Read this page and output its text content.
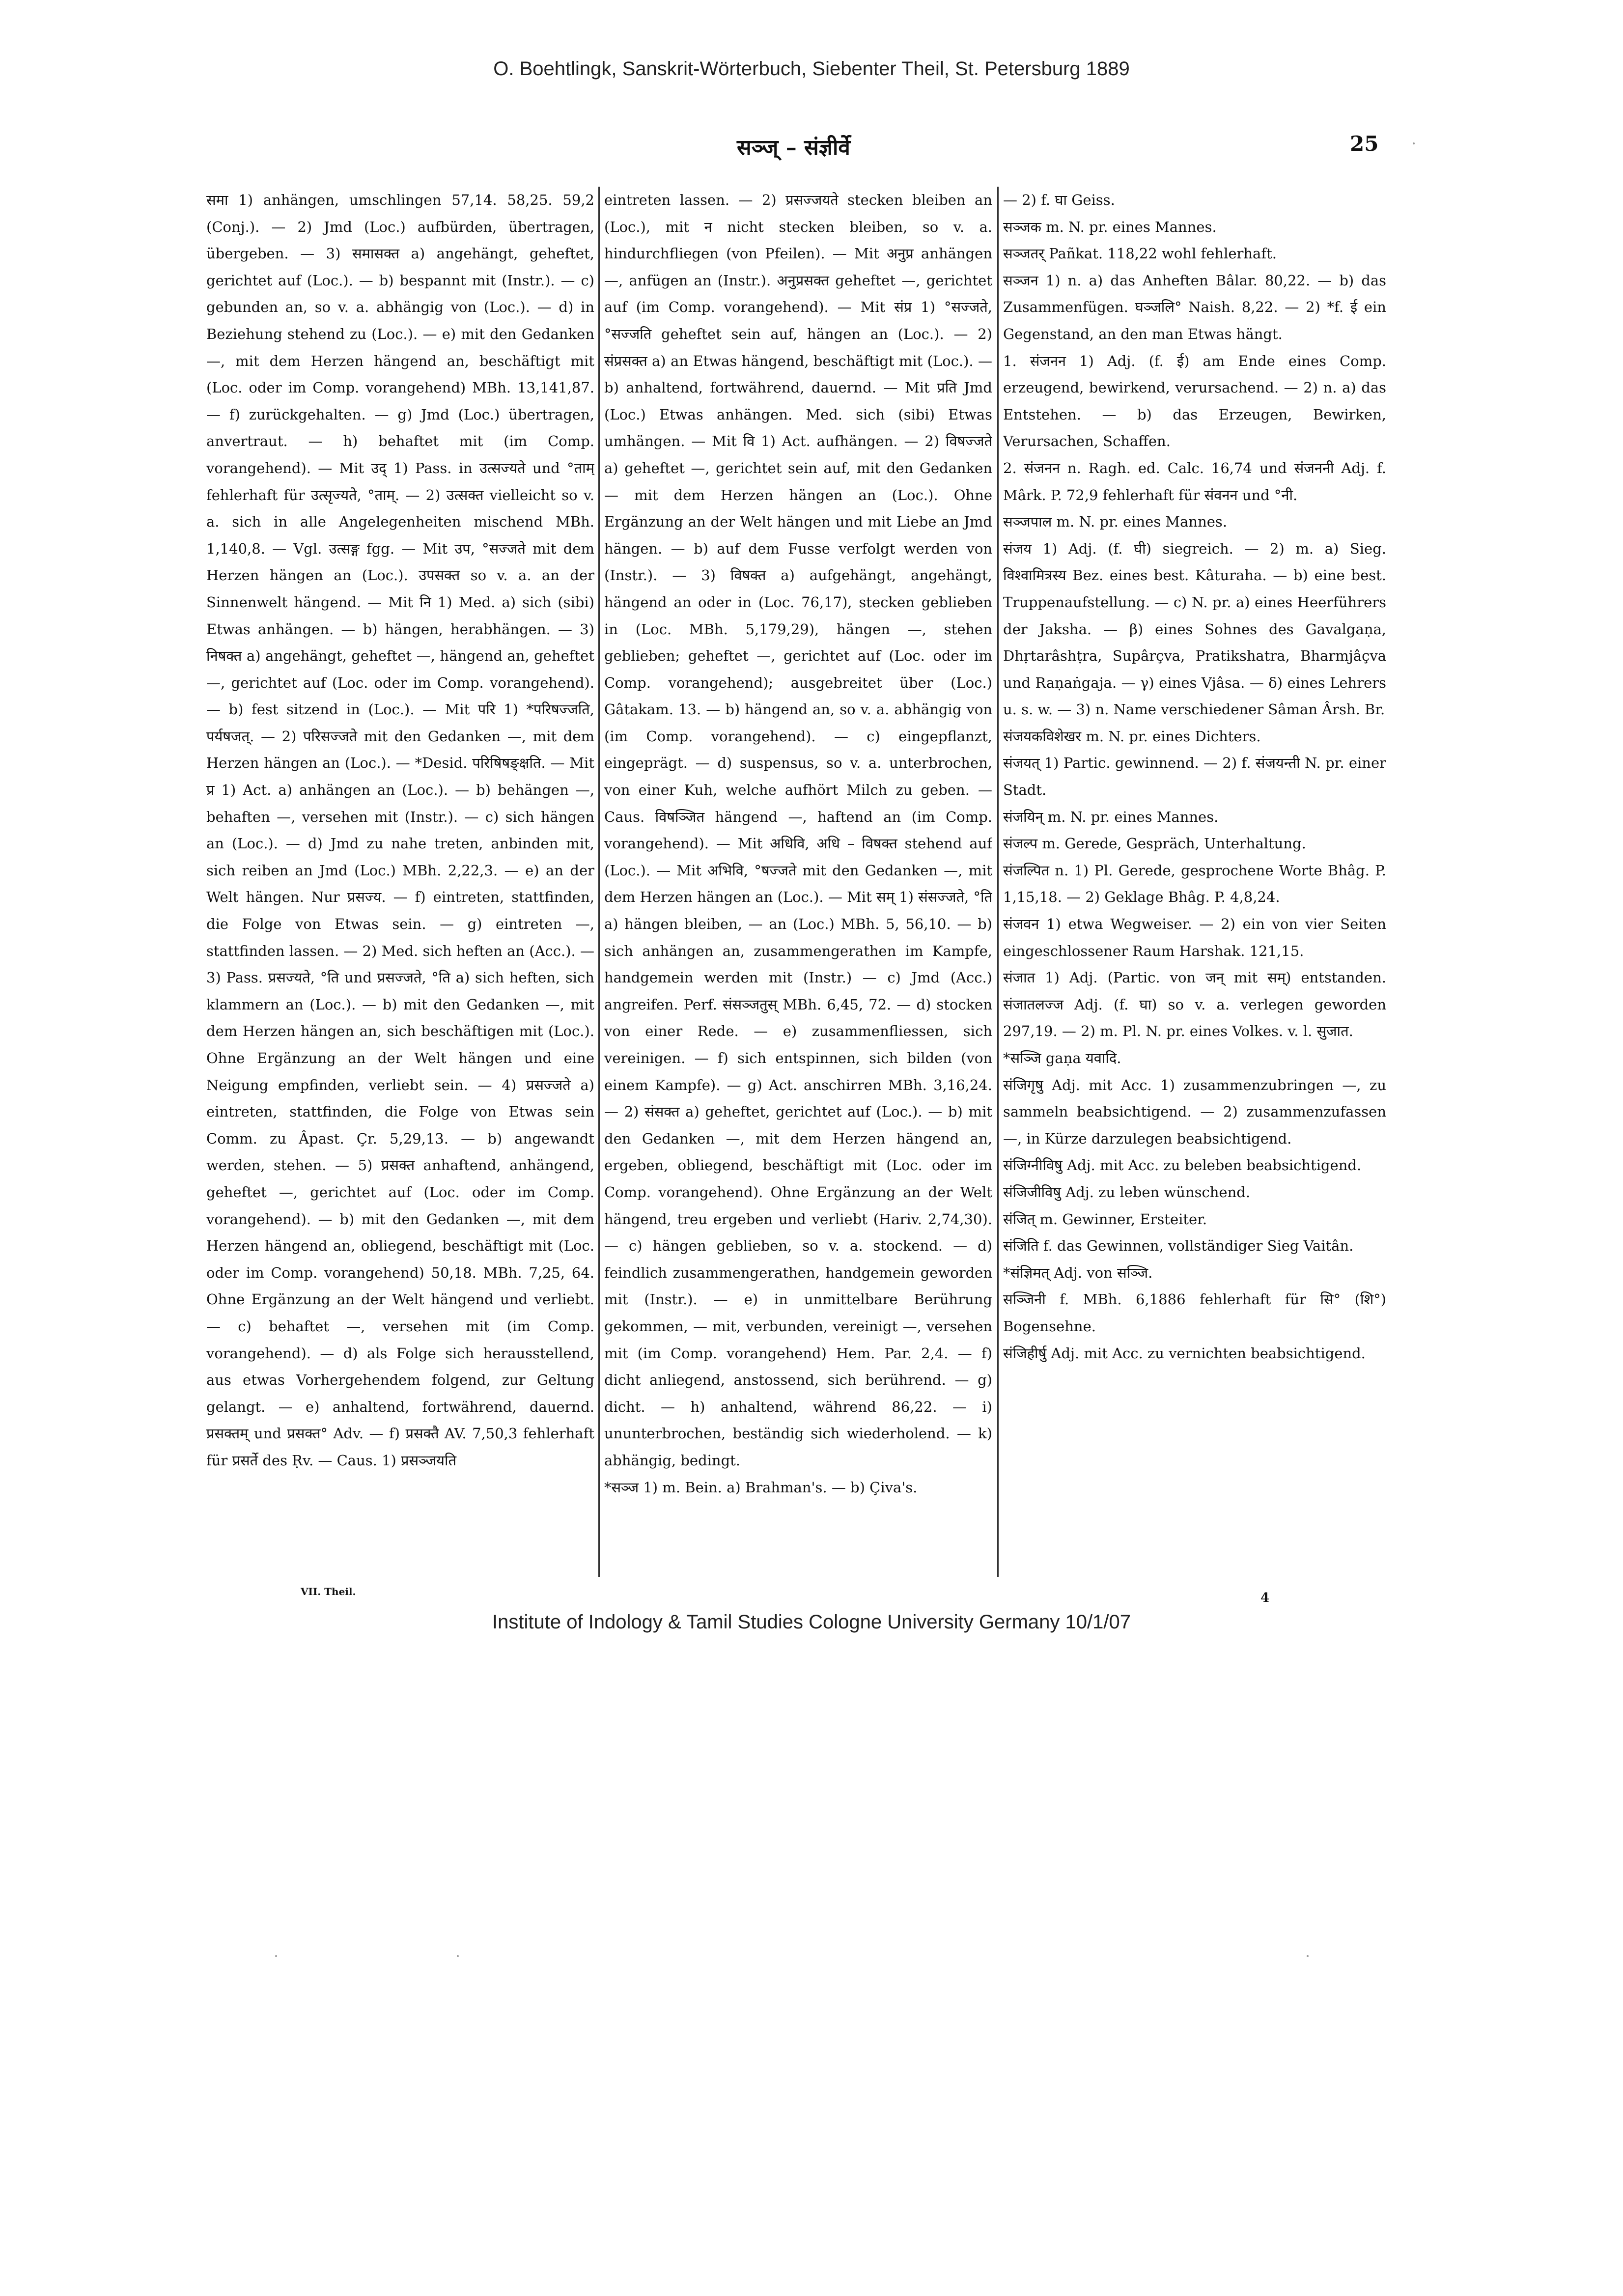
O. Boehtlingk, Sanskrit-Wörterbuch, Siebenter Theil, St. Petersburg 1889
सञ्ज् – संज्ञीर्वे	25

समा 1) anhängen, umschlingen 57,14. 58,25. 59,2 (Conj.). — 2) Jmd (Loc.) aufbürden, übertragen, übergeben. — 3) समासक्त a) angehängt, geheftet, gerichtet auf (Loc.). — b) bespannt mit (Instr.). — c) gebunden an, so v. a. abhängig von (Loc.). — d) in Beziehung stehend zu (Loc.). — e) mit den Gedanken —, mit dem Herzen hängend an, beschäftigt mit (Loc. oder im Comp. vorangehend) MBh. 13,141,87. — f) zurückgehalten. — g) Jmd (Loc.) übertragen, anvertraut. — h) behaftet mit (im Comp. vorangehend). — Mit उद् 1) Pass. in उत्सज्यते und °ताम् fehlerhaft für उत्सृज्यते, °ताम्. — 2) उत्सक्त vielleicht so v. a. sich in alle Angelegenheiten mischend MBh. 1,140,8. — Vgl. उत्सङ्ग fgg. — Mit उप, °सज्जते mit dem Herzen hängen an (Loc.). उपसक्त so v. a. an der Sinnenwelt hängend. — Mit नि 1) Med. a) sich (sibi) Etwas anhängen. — b) hängen, herabhängen. — 3) निषक्त a) angehängt, geheftet —, hängend an, geheftet —, gerichtet auf (Loc. oder im Comp. vorangehend). — b) fest sitzend in (Loc.). — Mit परि 1) *परिषज्जति, पर्यषजत्. — 2) परिसज्जते mit den Gedanken —, mit dem Herzen hängen an (Loc.). — *Desid. परिषिषङ्क्षति. — Mit प्र 1) Act. a) anhängen an (Loc.). — b) behängen —, behaften —, versehen mit (Instr.). — c) sich hängen an (Loc.). — d) Jmd zu nahe treten, anbinden mit, sich reiben an Jmd (Loc.) MBh. 2,22,3. — e) an der Welt hängen. Nur प्रसज्य. — f) eintreten, stattfinden, die Folge von Etwas sein. — g) eintreten —, stattfinden lassen. — 2) Med. sich heften an (Acc.). — 3) Pass. प्रसज्यते, °ति und प्रसज्जते, °ति a) sich heften, sich klammern an (Loc.). — b) mit den Gedanken —, mit dem Herzen hängen an, sich beschäftigen mit (Loc.). Ohne Ergänzung an der Welt hängen und eine Neigung empfinden, verliebt sein. — 4) प्रसज्जते a) eintreten, stattfinden, die Folge von Etwas sein Comm. zu Âpast. Çr. 5,29,13. — b) angewandt werden, stehen. — 5) प्रसक्त anhaftend, anhängend, geheftet —, gerichtet auf (Loc. oder im Comp. vorangehend). — b) mit den Gedanken —, mit dem Herzen hängend an, obliegend, beschäftigt mit (Loc. oder im Comp. vorangehend) 50,18. MBh. 7,25, 64. Ohne Ergänzung an der Welt hängend und verliebt. — c) behaftet —, versehen mit (im Comp. vorangehend). — d) als Folge sich herausstellend, aus etwas Vorhergehendem folgend, zur Geltung gelangt. — e) anhaltend, fortwährend, dauernd. प्रसक्तम् und प्रसक्त° Adv. — f) प्रसक्तै AV. 7,50,3 fehlerhaft für प्रसर्ते des Ṛv. — Caus. 1) प्रसञ्जयति

eintreten lassen. — 2) प्रसज्जयते stecken bleiben an (Loc.), mit न nicht stecken bleiben, so v. a. hindurchfliegen (von Pfeilen). — Mit अनुप्र anhängen —, anfügen an (Instr.). अनुप्रसक्त geheftet —, gerichtet auf (im Comp. vorangehend). — Mit संप्र 1) °सज्जते, °सज्जति geheftet sein auf, hängen an (Loc.). — 2) संप्रसक्त a) an Etwas hängend, beschäftigt mit (Loc.). — b) anhaltend, fortwährend, dauernd. — Mit प्रति Jmd (Loc.) Etwas anhängen. Med. sich (sibi) Etwas umhängen. — Mit वि 1) Act. aufhängen. — 2) विषज्जते a) geheftet —, gerichtet sein auf, mit den Gedanken — mit dem Herzen hängen an (Loc.). Ohne Ergänzung an der Welt hängen und mit Liebe an Jmd hängen. — b) auf dem Fusse verfolgt werden von (Instr.). — 3) विषक्त a) aufgehängt, angehängt, hängend an oder in (Loc. 76,17), stecken geblieben in (Loc. MBh. 5,179,29), hängen —, stehen geblieben; geheftet —, gerichtet auf (Loc. oder im Comp. vorangehend); ausgebreitet über (Loc.) Gâtakam. 13. — b) hängend an, so v. a. abhängig von (im Comp. vorangehend). — c) eingepflanzt, eingeprägt. — d) suspensus, so v. a. unterbrochen, von einer Kuh, welche aufhört Milch zu geben. — Caus. विषञ्जित hängend —, haftend an (im Comp. vorangehend). — Mit अधिवि, अधि – विषक्त stehend auf (Loc.). — Mit अभिवि, °षज्जते mit den Gedanken —, mit dem Herzen hängen an (Loc.). — Mit सम् 1) संसज्जते, °ति a) hängen bleiben, — an (Loc.) MBh. 5, 56,10. — b) sich anhängen an, zusammengerathen im Kampfe, handgemein werden mit (Instr.) — c) Jmd (Acc.) angreifen. Perf. संसञ्जतुस् MBh. 6,45, 72. — d) stocken von einer Rede. — e) zusammenfliessen, sich vereinigen. — f) sich entspinnen, sich bilden (von einem Kampfe). — g) Act. anschirren MBh. 3,16,24. — 2) संसक्त a) geheftet, gerichtet auf (Loc.). — b) mit den Gedanken —, mit dem Herzen hängend an, ergeben, obliegend, beschäftigt mit (Loc. oder im Comp. vorangehend). Ohne Ergänzung an der Welt hängend, treu ergeben und verliebt (Hariv. 2,74,30). — c) hängen geblieben, so v. a. stockend. — d) feindlich zusammengerathen, handgemein geworden mit (Instr.). — e) in unmittelbare Berührung gekommen, — mit, verbunden, vereinigt —, versehen mit (im Comp. vorangehend) Hem. Par. 2,4. — f) dicht anliegend, anstossend, sich berührend. — g) dicht. — h) anhaltend, während 86,22. — i) ununterbrochen, beständig sich wiederholend. — k) abhängig, bedingt.

*सञ्ज 1) m. Bein. a) Brahman's. — b) Çiva's.

— 2) f. घा Geiss.

सञ्जक m. N. pr. eines Mannes.

सञ्जतर् Pañkat. 118,22 wohl fehlerhaft.

सञ्जन 1) n. a) das Anheften Bâlar. 80,22. — b) das Zusammenfügen. घञ्जलि° Naish. 8,22. — 2) *f. ई ein Gegenstand, an den man Etwas hängt.

1. संजनन 1) Adj. (f. ई) am Ende eines Comp. erzeugend, bewirkend, verursachend. — 2) n. a) das Entstehen. — b) das Erzeugen, Bewirken, Verursachen, Schaffen.

2. संजनन n. Ragh. ed. Calc. 16,74 und संजननी Adj. f. Mârk. P. 72,9 fehlerhaft für संवनन und °नी.

सञ्जपाल m. N. pr. eines Mannes.

संजय 1) Adj. (f. घी) siegreich. — 2) m. a) Sieg. विश्वामित्रस्य Bez. eines best. Kâturaha. — b) eine best. Truppenaufstellung. — c) N. pr. a) eines Heerführers der Jaksha. — β) eines Sohnes des Gavalgaṇa, Dhṛtarâshṭra, Supârçva, Pratikshatra, Bharmjâçva und Raṇaṅgaja. — γ) eines Vjâsa. — δ) eines Lehrers u. s. w. — 3) n. Name verschiedener Sâman Ârsh. Br.

संजयकविशेखर m. N. pr. eines Dichters.

संजयत् 1) Partic. gewinnend. — 2) f. संजयन्ती N. pr. einer Stadt.

संजयिन् m. N. pr. eines Mannes.

संजल्प m. Gerede, Gespräch, Unterhaltung.

संजल्पित n. 1) Pl. Gerede, gesprochene Worte Bhâg. P. 1,15,18. — 2) Geklage Bhâg. P. 4,8,24.

संजवन 1) etwa Wegweiser. — 2) ein von vier Seiten eingeschlossener Raum Harshak. 121,15.

संजात 1) Adj. (Partic. von जन् mit सम्) entstanden. संजातलज्ज Adj. (f. घा) so v. a. verlegen geworden 297,19. — 2) m. Pl. N. pr. eines Volkes. v. l. सुजात.

*सञ्जि gaṇa यवादि.

संजिगृषु Adj. mit Acc. 1) zusammenzubringen —, zu sammeln beabsichtigend. — 2) zusammenzufassen —, in Kürze darzulegen beabsichtigend.

संजिग्नीविषु Adj. mit Acc. zu beleben beabsichtigend.

संजिजीविषु Adj. zu leben wünschend.

संजित् m. Gewinner, Ersteiter.

संजिति f. das Gewinnen, vollständiger Sieg Vaitân.

*संज्ञिमत् Adj. von सञ्जि.

सञ्जिनी f. MBh. 6,1886 fehlerhaft für सि° (शि°) Bogensehne.

संजिहीर्षु Adj. mit Acc. zu vernichten beabsichtigend.

VII. Theil.	4
Institute of Indology & Tamil Studies Cologne University Germany 10/1/07
